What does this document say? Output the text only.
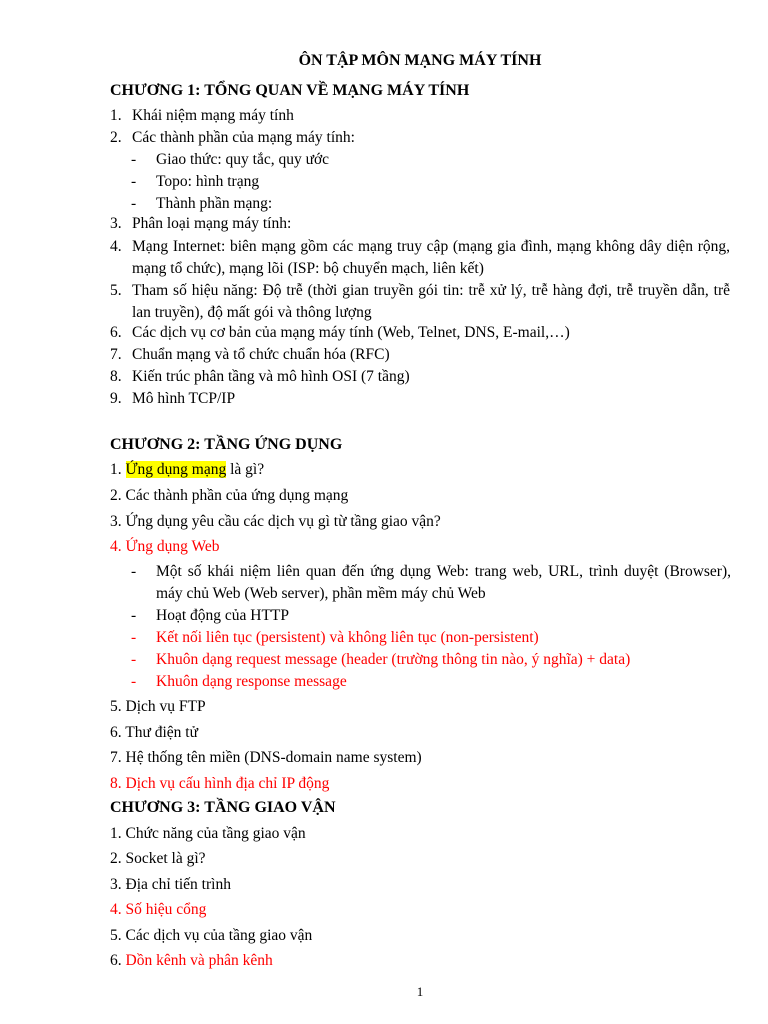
ÔN TẬP MÔN MẠNG MÁY TÍNH
CHƯƠNG 1: TỔNG QUAN VỀ MẠNG MÁY TÍNH
1. Khái niệm mạng máy tính
2. Các thành phần của mạng máy tính:
- Giao thức: quy tắc, quy ước
- Topo: hình trạng
- Thành phần mạng:
3. Phân loại mạng máy tính:
4. Mạng Internet: biên mạng gồm các mạng truy cập (mạng gia đình, mạng không dây diện rộng, mạng tổ chức), mạng lõi (ISP: bộ chuyển mạch, liên kết)
5. Tham số hiệu năng: Độ trễ (thời gian truyền gói tin: trễ xử lý, trễ hàng đợi, trễ truyền dẫn, trễ lan truyền), độ mất gói và thông lượng
6. Các dịch vụ cơ bản của mạng máy tính (Web, Telnet, DNS, E-mail,…)
7. Chuẩn mạng và tổ chức chuẩn hóa (RFC)
8. Kiến trúc phân tầng và mô hình OSI (7 tầng)
9. Mô hình TCP/IP
CHƯƠNG 2: TẦNG ỨNG DỤNG
1. Ứng dụng mạng là gì?
2. Các thành phần của ứng dụng mạng
3. Ứng dụng yêu cầu các dịch vụ gì từ tầng giao vận?
4. Ứng dụng Web
- Một số khái niệm liên quan đến ứng dụng Web: trang web, URL, trình duyệt (Browser), máy chủ Web (Web server), phần mềm máy chủ Web
- Hoạt động của HTTP
- Kết nối liên tục (persistent) và không liên tục (non-persistent)
- Khuôn dạng request message (header (trường thông tin nào, ý nghĩa) + data)
- Khuôn dạng response message
5. Dịch vụ FTP
6. Thư điện tử
7. Hệ thống tên miền (DNS-domain name system)
8. Dịch vụ cấu hình địa chỉ IP động
CHƯƠNG 3: TẦNG GIAO VẬN
1. Chức năng của tầng giao vận
2. Socket là gì?
3. Địa chỉ tiến trình
4. Số hiệu cổng
5. Các dịch vụ của tầng giao vận
6. Dồn kênh và phân kênh
1
